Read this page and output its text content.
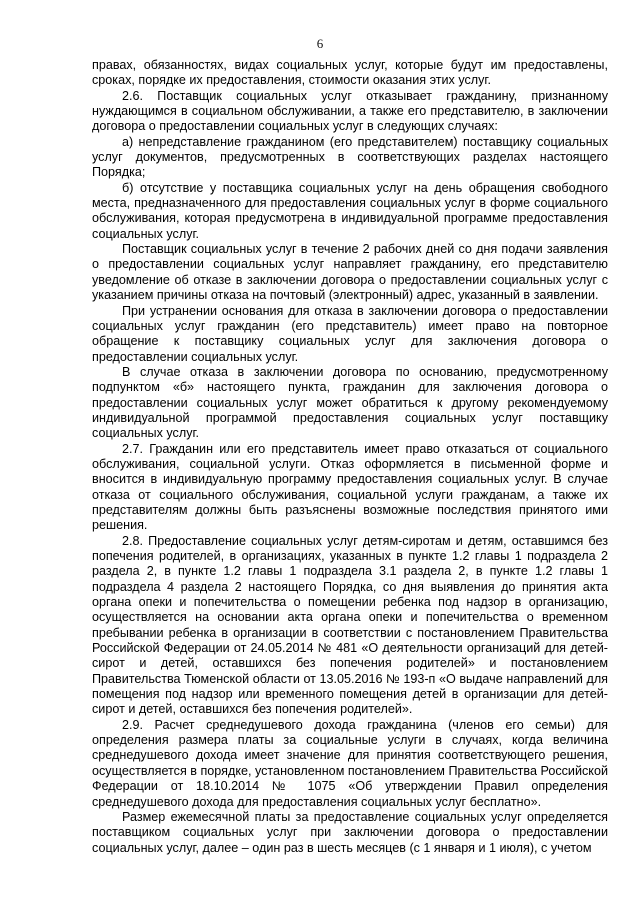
6

правах, обязанностях, видах социальных услуг, которые будут им предоставлены, сроках, порядке их предоставления, стоимости оказания этих услуг.

2.6. Поставщик социальных услуг отказывает гражданину, признанному нуждающимся в социальном обслуживании, а также его представителю, в заключении договора о предоставлении социальных услуг в следующих случаях:

а) непредставление гражданином (его представителем) поставщику социальных услуг документов, предусмотренных в соответствующих разделах настоящего Порядка;

б) отсутствие у поставщика социальных услуг на день обращения свободного места, предназначенного для предоставления социальных услуг в форме социального обслуживания, которая предусмотрена в индивидуальной программе предоставления социальных услуг.

Поставщик социальных услуг в течение 2 рабочих дней со дня подачи заявления о предоставлении социальных услуг направляет гражданину, его представителю уведомление об отказе в заключении договора о предоставлении социальных услуг с указанием причины отказа на почтовый (электронный) адрес, указанный в заявлении.

При устранении основания для отказа в заключении договора о предоставлении социальных услуг гражданин (его представитель) имеет право на повторное обращение к поставщику социальных услуг для заключения договора о предоставлении социальных услуг.

В случае отказа в заключении договора по основанию, предусмотренному подпунктом «б» настоящего пункта, гражданин для заключения договора о предоставлении социальных услуг может обратиться к другому рекомендуемому индивидуальной программой предоставления социальных услуг поставщику социальных услуг.

2.7. Гражданин или его представитель имеет право отказаться от социального обслуживания, социальной услуги. Отказ оформляется в письменной форме и вносится в индивидуальную программу предоставления социальных услуг. В случае отказа от социального обслуживания, социальной услуги гражданам, а также их представителям должны быть разъяснены возможные последствия принятого ими решения.

2.8. Предоставление социальных услуг детям-сиротам и детям, оставшимся без попечения родителей, в организациях, указанных в пункте 1.2 главы 1 подраздела 2 раздела 2, в пункте 1.2 главы 1 подраздела 3.1 раздела 2, в пункте 1.2 главы 1 подраздела 4 раздела 2 настоящего Порядка, со дня выявления до принятия акта органа опеки и попечительства о помещении ребенка под надзор в организацию, осуществляется на основании акта органа опеки и попечительства о временном пребывании ребенка в организации в соответствии с постановлением Правительства Российской Федерации от 24.05.2014 № 481 «О деятельности организаций для детей-сирот и детей, оставшихся без попечения родителей» и постановлением Правительства Тюменской области от 13.05.2016 № 193-п «О выдаче направлений для помещения под надзор или временного помещения детей в организации для детей-сирот и детей, оставшихся без попечения родителей».

2.9. Расчет среднедушевого дохода гражданина (членов его семьи) для определения размера платы за социальные услуги в случаях, когда величина среднедушевого дохода имеет значение для принятия соответствующего решения, осуществляется в порядке, установленном постановлением Правительства Российской Федерации от 18.10.2014 № 1075 «Об утверждении Правил определения среднедушевого дохода для предоставления социальных услуг бесплатно».

Размер ежемесячной платы за предоставление социальных услуг определяется поставщиком социальных услуг при заключении договора о предоставлении социальных услуг, далее – один раз в шесть месяцев (с 1 января и 1 июля), с учетом
